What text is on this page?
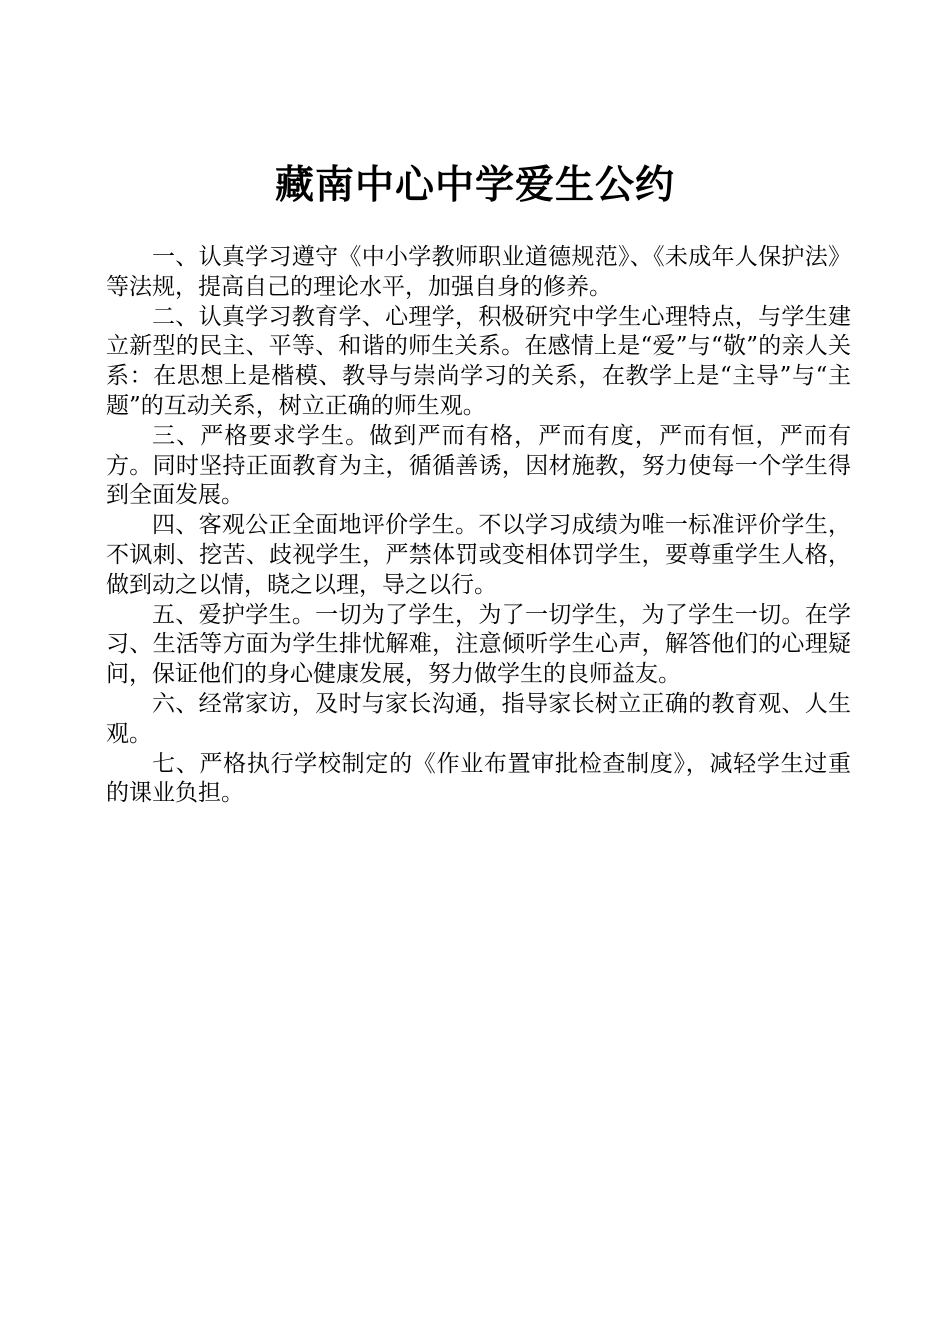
藏南中心中学爱生公约

一、认真学习遵守《中小学教师职业道德规范》、《未成年人保护法》等法规，提高自己的理论水平，加强自身的修养。

二、认真学习教育学、心理学，积极研究中学生心理特点，与学生建立新型的民主、平等、和谐的师生关系。在感情上是“爱”与“敬”的亲人关系：在思想上是楷模、教导与崇尚学习的关系，在教学上是“主导”与“主题”的互动关系，树立正确的师生观。

三、严格要求学生。做到严而有格，严而有度，严而有恒，严而有方。同时坚持正面教育为主，循循善诱，因材施教，努力使每一个学生得到全面发展。

四、客观公正全面地评价学生。不以学习成绩为唯一标准评价学生，不讽刺、挖苦、歧视学生，严禁体罚或变相体罚学生，要尊重学生人格，做到动之以情，晓之以理，导之以行。

五、爱护学生。一切为了学生，为了一切学生，为了学生一切。在学习、生活等方面为学生排忧解难，注意倾听学生心声，解答他们的心理疑问，保证他们的身心健康发展，努力做学生的良师益友。

六、经常家访，及时与家长沟通，指导家长树立正确的教育观、人生观。

七、严格执行学校制定的《作业布置审批检查制度》，减轻学生过重的课业负担。
